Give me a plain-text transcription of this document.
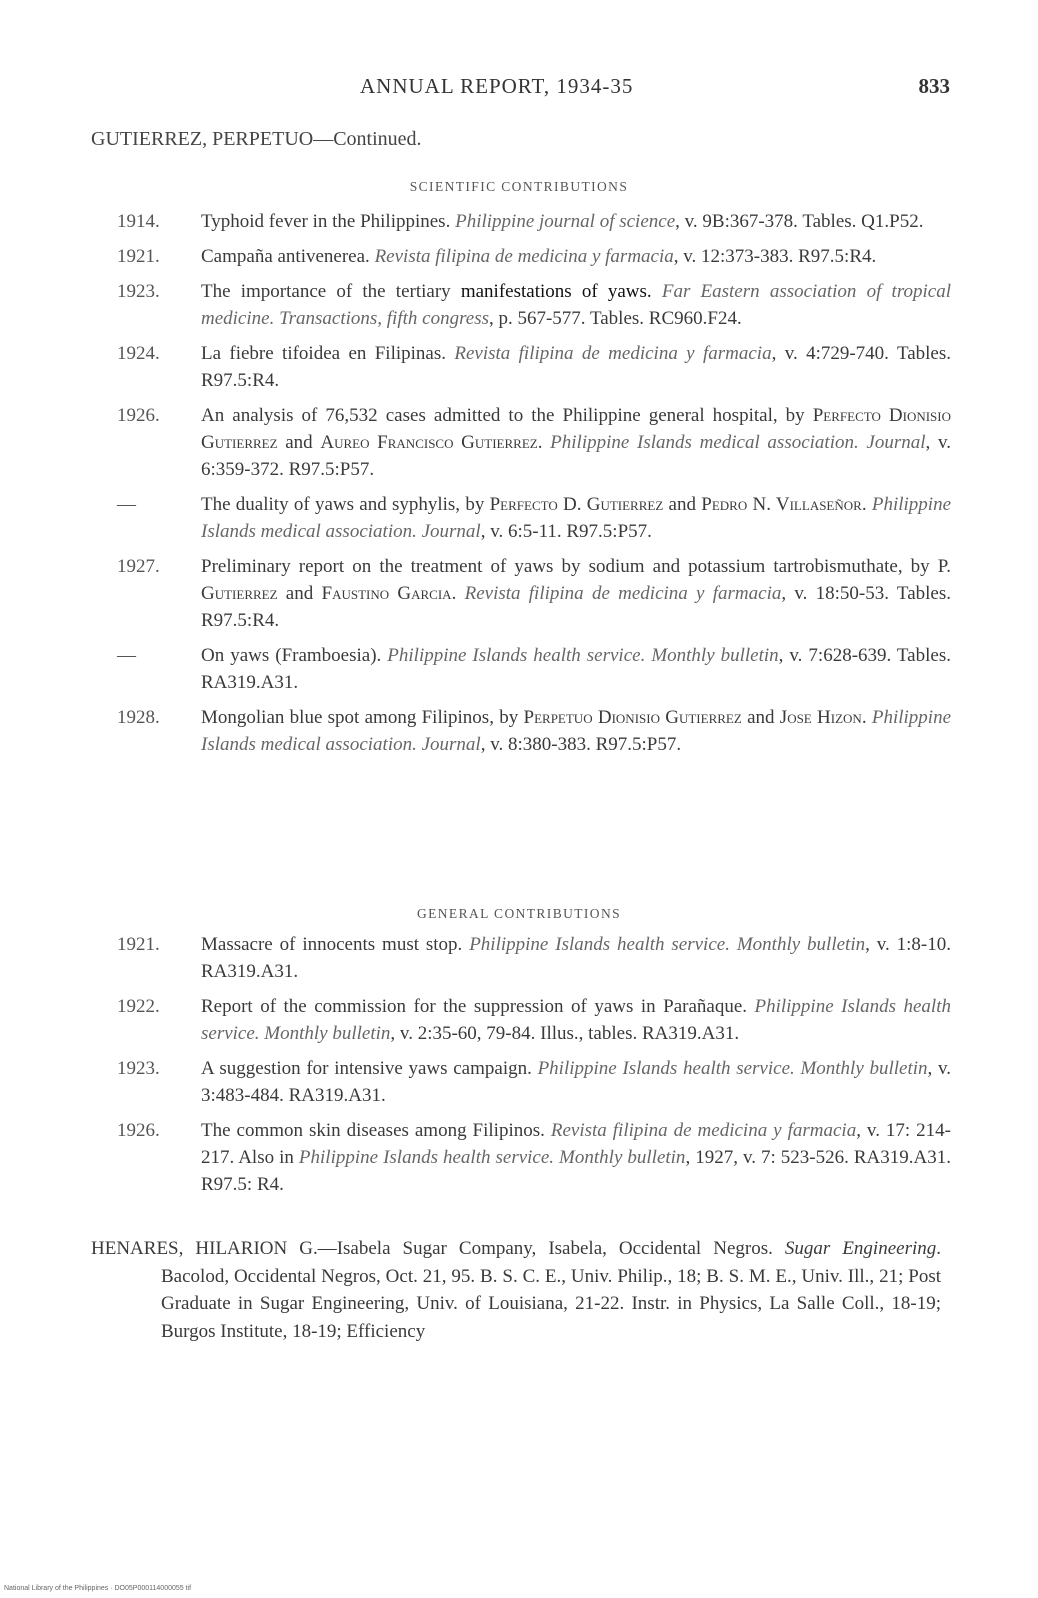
ANNUAL REPORT, 1934-35	833
GUTIERREZ, PERPETUO—Continued.
SCIENTIFIC CONTRIBUTIONS
1914.	Typhoid fever in the Philippines. Philippine journal of science, v. 9B:367-378. Tables. Q1.P52.
1921.	Campaña antivenerea. Revista filipina de medicina y farmacia, v. 12:373-383. R97.5:R4.
1923.	The importance of the tertiary manifestations of yaws. Far Eastern association of tropical medicine. Transactions, fifth congress, p. 567-577. Tables. RC960.F24.
1924.	La fiebre tifoidea en Filipinas. Revista filipina de medicina y farmacia, v. 4:729-740. Tables. R97.5:R4.
1926.	An analysis of 76,532 cases admitted to the Philippine general hospital, by Perfecto Dionisio Gutierrez and Aureo Francisco Gutierrez. Philippine Islands medical association. Journal, v. 6:359-372. R97.5:P57.
—	The duality of yaws and syphylis, by Perfecto D. Gutierrez and Pedro N. Villaseñor. Philippine Islands medical association. Journal, v. 6:5-11. R97.5:P57.
1927.	Preliminary report on the treatment of yaws by sodium and potassium tartrobismuthate, by P. Gutierrez and Faustino Garcia. Revista filipina de medicina y farmacia, v. 18:50-53. Tables. R97.5:R4.
—	On yaws (Framboesia). Philippine Islands health service. Monthly bulletin, v. 7:628-639. Tables. RA319.A31.
1928.	Mongolian blue spot among Filipinos, by Perpetuo Dionisio Gutierrez and Jose Hizon. Philippine Islands medical association. Journal, v. 8:380-383. R97.5:P57.
GENERAL CONTRIBUTIONS
1921.	Massacre of innocents must stop. Philippine Islands health service. Monthly bulletin, v. 1:8-10. RA319.A31.
1922.	Report of the commission for the suppression of yaws in Parañaque. Philippine Islands health service. Monthly bulletin, v. 2:35-60, 79-84. Illus., tables. RA319.A31.
1923.	A suggestion for intensive yaws campaign. Philippine Islands health service. Monthly bulletin, v. 3:483-484. RA319.A31.
1926.	The common skin diseases among Filipinos. Revista filipina de medicina y farmacia, v. 17: 214-217. Also in Philippine Islands health service. Monthly bulletin, 1927, v. 7: 523-526. RA319.A31. R97.5: R4.
HENARES, HILARION G.—Isabela Sugar Company, Isabela, Occidental Negros. Sugar Engineering. Bacolod, Occidental Negros, Oct. 21, 95. B. S. C. E., Univ. Philip., 18; B. S. M. E., Univ. Ill., 21; Post Graduate in Sugar Engineering, Univ. of Louisiana, 21-22. Instr. in Physics, La Salle Coll., 18-19; Burgos Institute, 18-19; Efficiency
National Library of the Philippines · DO05P000114000055 tif
